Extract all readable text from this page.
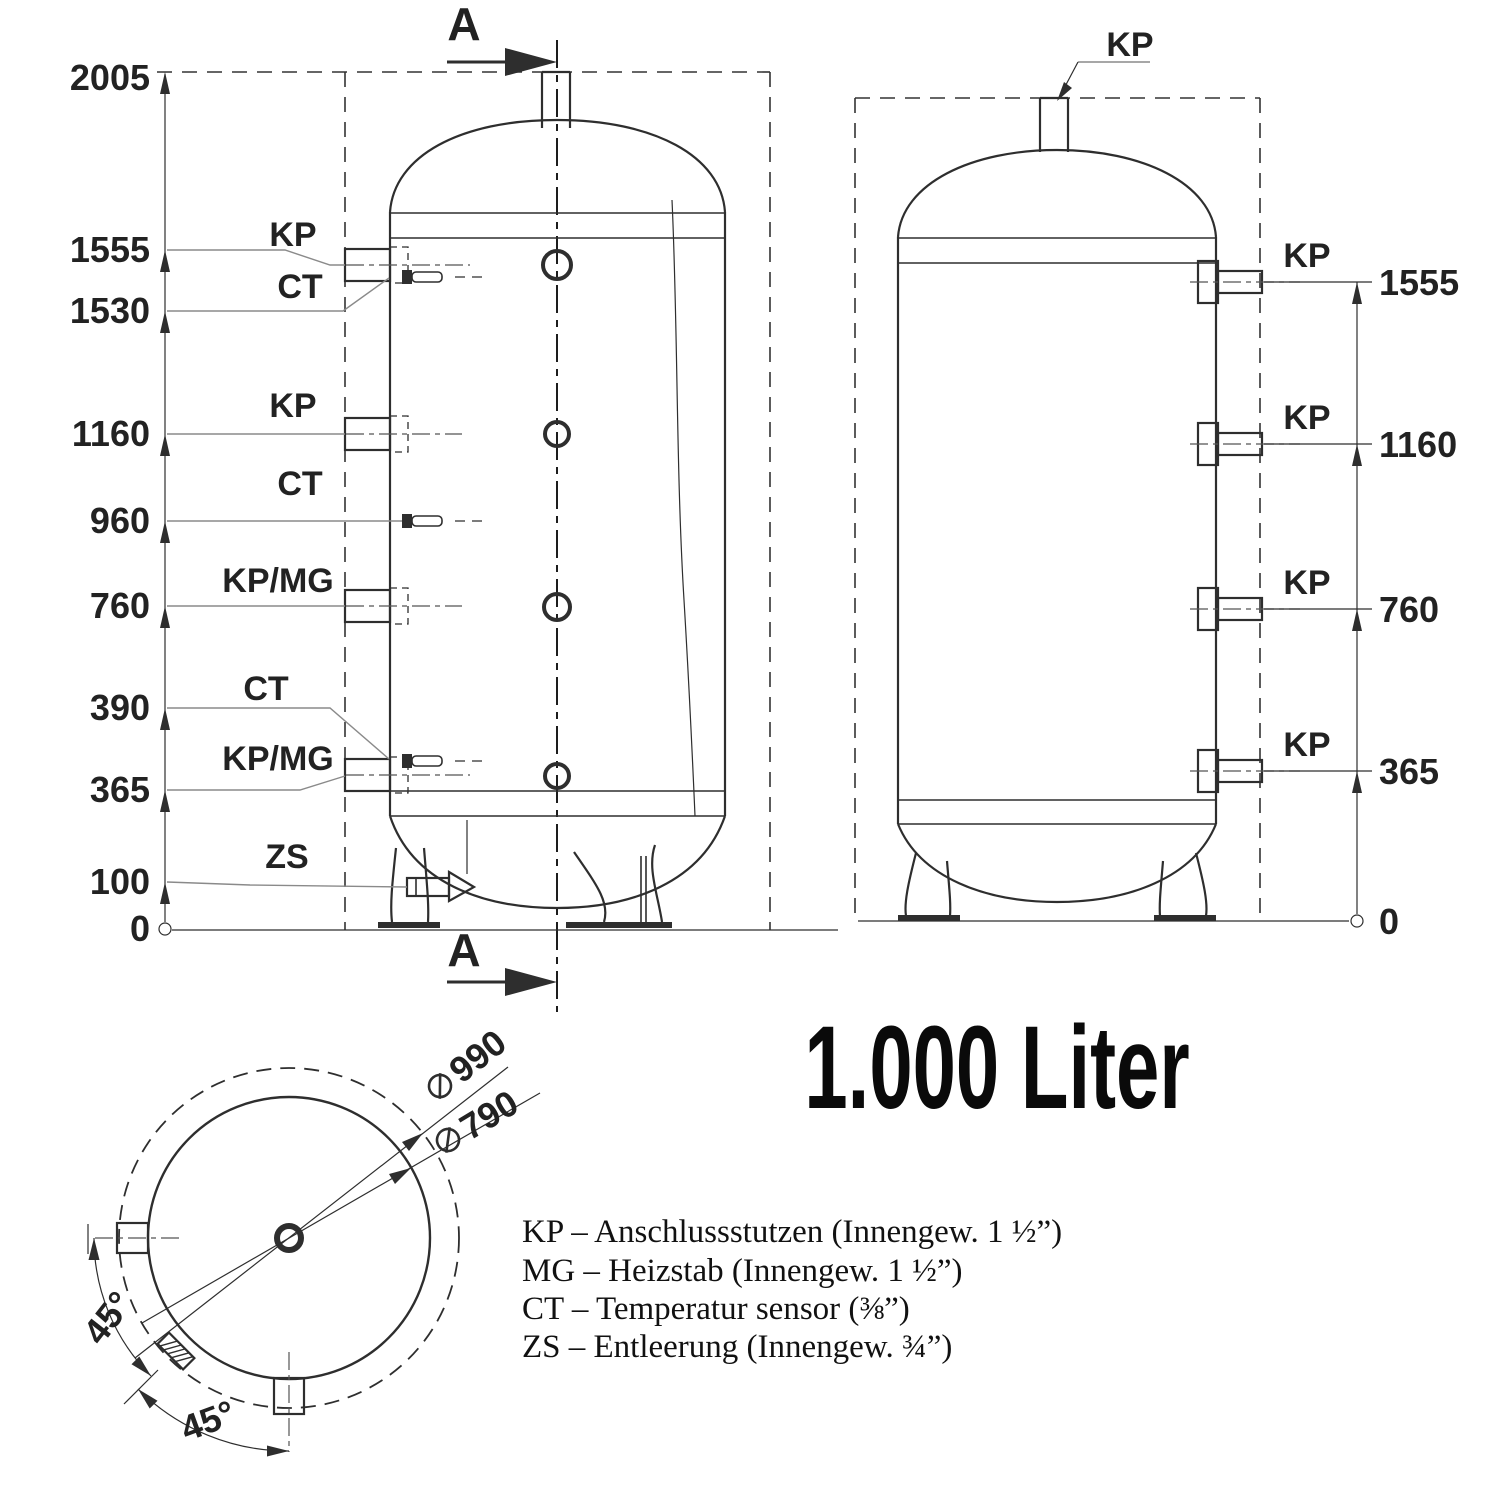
A
A
2005
1555
1530
1160
960
760
390
365
100
0
KP
CT
KP
CT
KP/MG
CT
KP/MG
ZS
KP
KP
KP
KP
KP
1555
1160
760
365
0
990
790
45°
45°
KP – Anschlussstutzen (Innengew. 1 ½”)
MG – Heizstab (Innengew. 1 ½”)
CT – Temperatur sensor (⅜”)
ZS – Entleerung (Innengew. ¾”)
1.000 Liter
